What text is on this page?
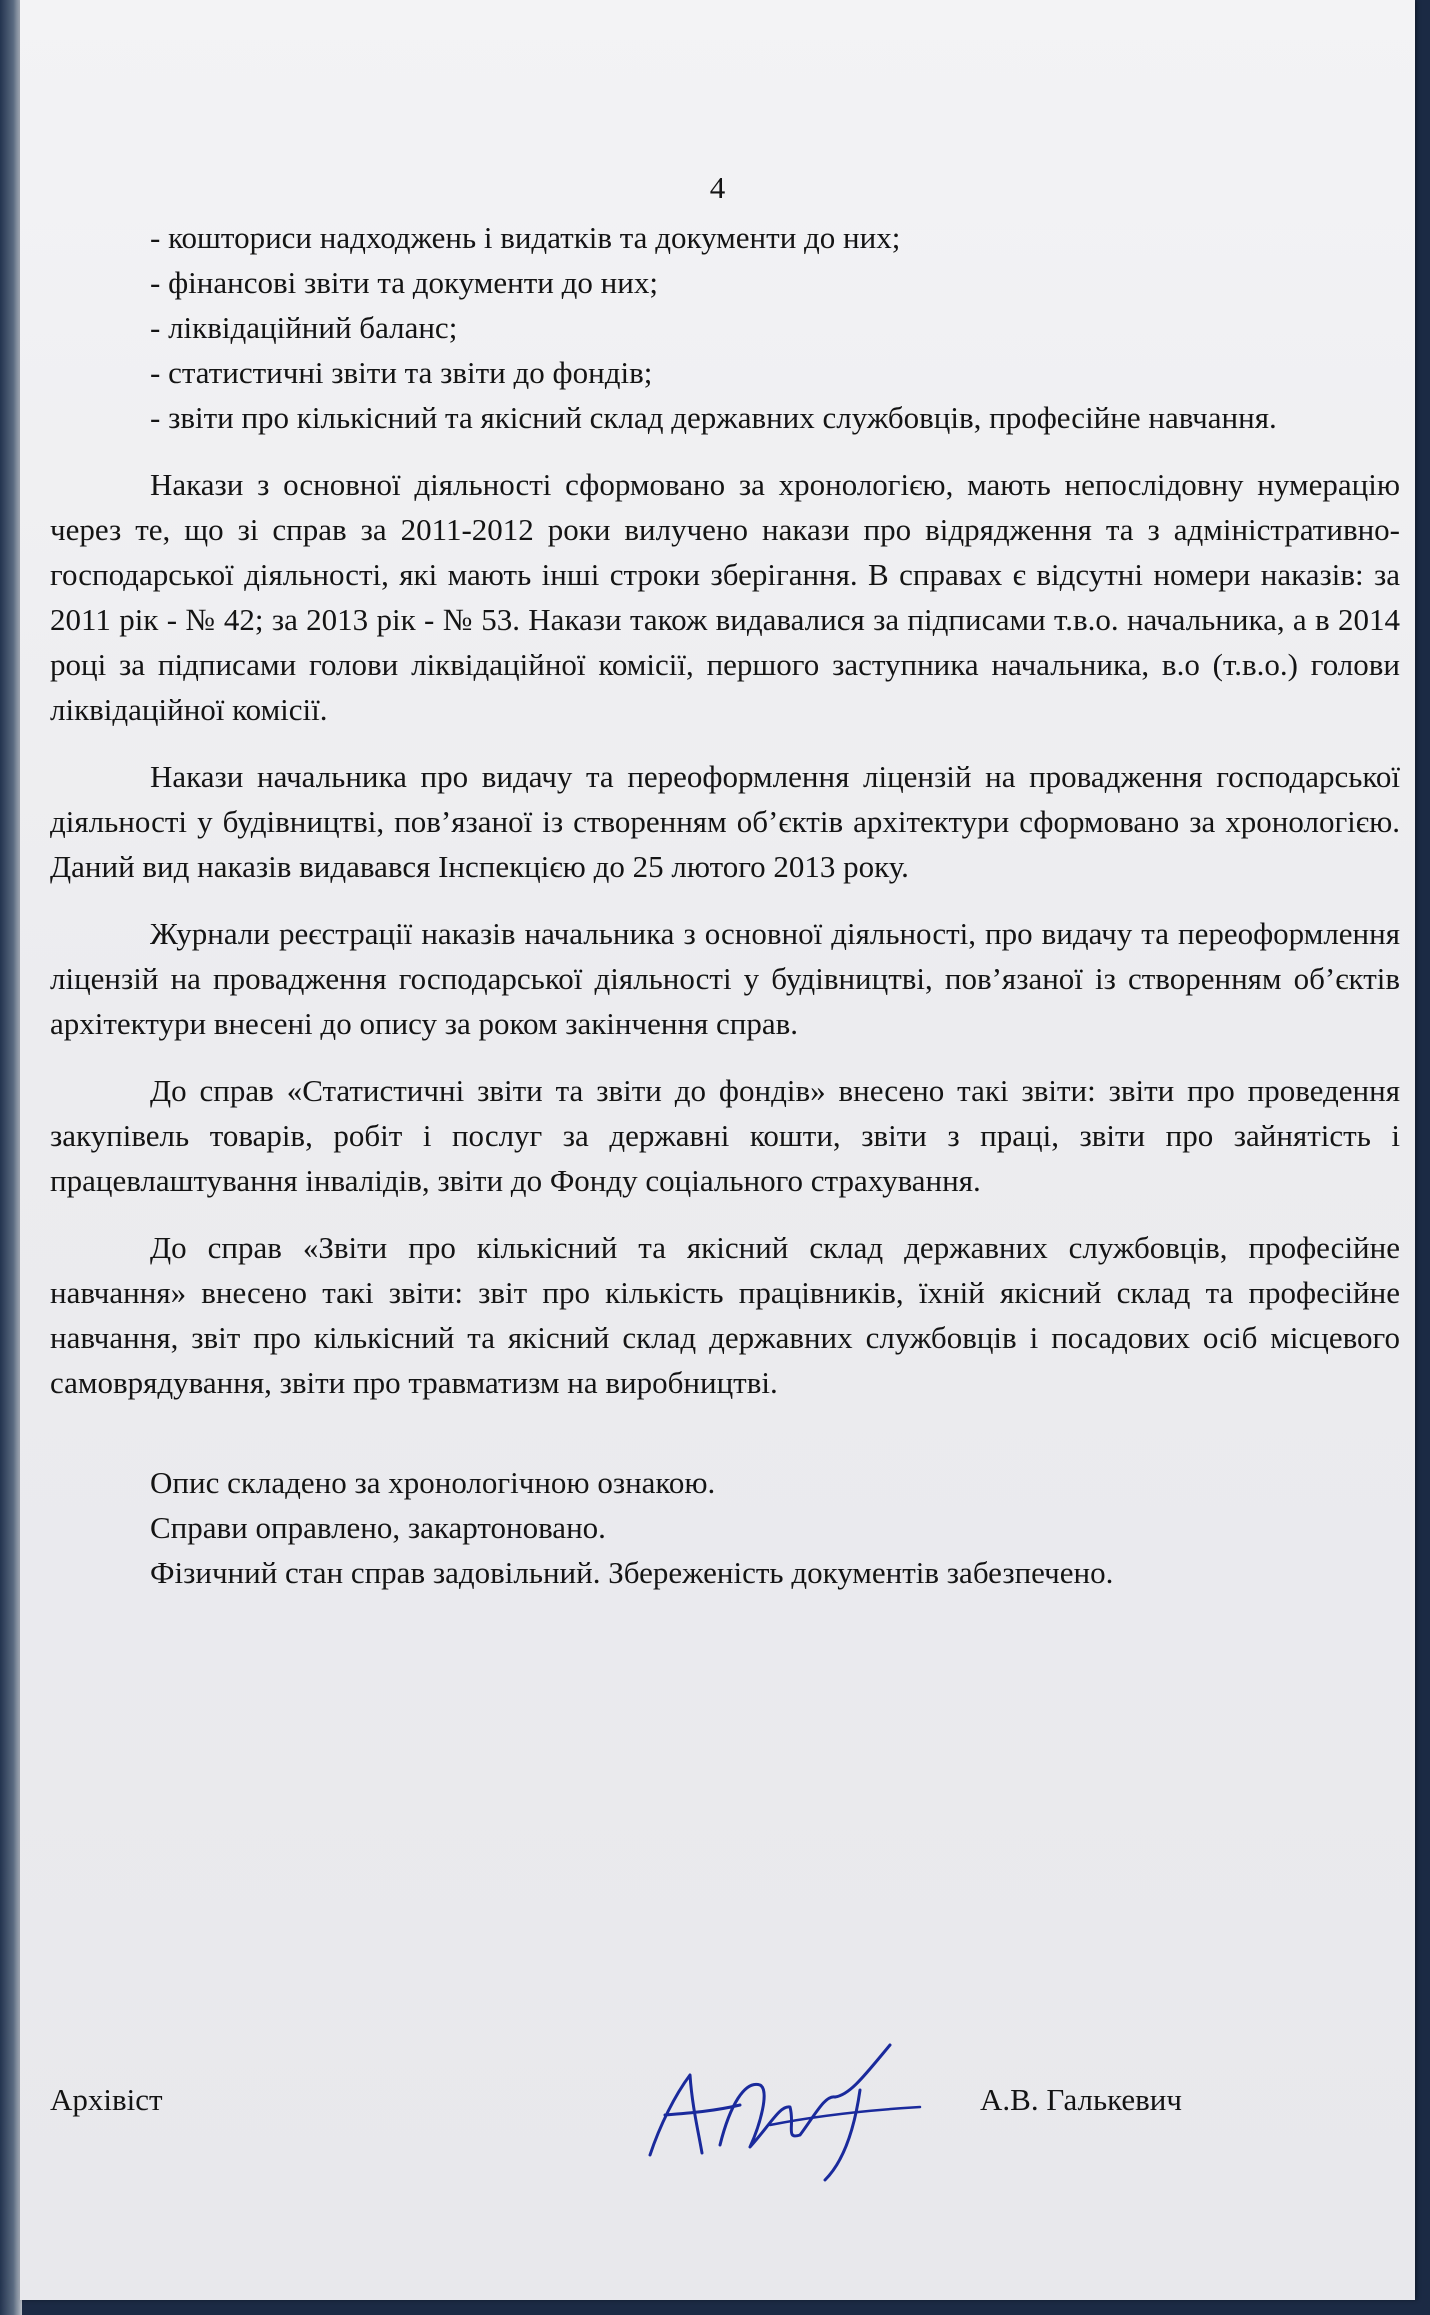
4
- кошториси надходжень і видатків та документи до них;
- фінансові звіти та документи до них;
- ліквідаційний баланс;
- статистичні звіти та звіти до фондів;
- звіти про кількісний та якісний склад державних службовців, професійне навчання.

Накази з основної діяльності сформовано за хронологією, мають непослідовну нумерацію через те, що зі справ за 2011-2012 роки вилучено накази про відрядження та з адміністративно-господарської діяльності, які мають інші строки зберігання. В справах є відсутні номери наказів: за 2011 рік - № 42; за 2013 рік - № 53. Накази також видавалися за підписами т.в.о. начальника, а в 2014 році за підписами голови ліквідаційної комісії, першого заступника начальника, в.о (т.в.о.) голови ліквідаційної комісії.

Накази начальника про видачу та переоформлення ліцензій на провадження господарської діяльності у будівництві, пов’язаної із створенням об’єктів архітектури сформовано за хронологією. Даний вид наказів видавався Інспекцією до 25 лютого 2013 року.

Журнали реєстрації наказів начальника з основної діяльності, про видачу та переоформлення ліцензій на провадження господарської діяльності у будівництві, пов’язаної із створенням об’єктів архітектури внесені до опису за роком закінчення справ.

До справ «Статистичні звіти та звіти до фондів» внесено такі звіти: звіти про проведення закупівель товарів, робіт і послуг за державні кошти, звіти з праці, звіти про зайнятість і працевлаштування інвалідів, звіти до Фонду соціального страхування.

До справ «Звіти про кількісний та якісний склад державних службовців, професійне навчання» внесено такі звіти: звіт про кількість працівників, їхній якісний склад та професійне навчання, звіт про кількісний та якісний склад державних службовців і посадових осіб місцевого самоврядування, звіти про травматизм на виробництві.

Опис складено за хронологічною ознакою.

Справи оправлено, закартоновано.

Фізичний стан справ задовільний. Збереженість документів забезпечено.

Архівіст	А.В. Галькевич
